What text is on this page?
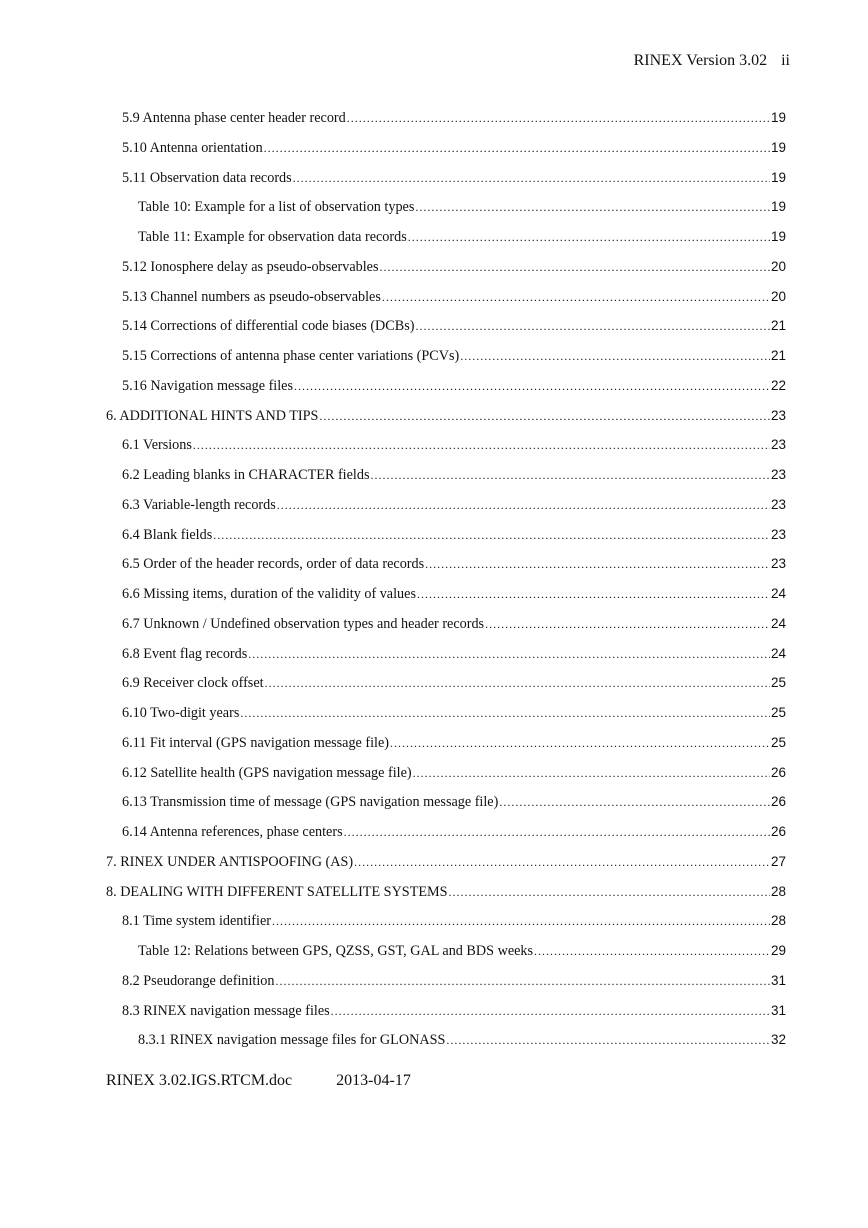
RINEX Version 3.02 ii
5.9 Antenna phase center header record .....	19
5.10 Antenna orientation .....	19
5.11 Observation data records .....	19
Table 10: Example for a list of observation types .....	19
Table 11: Example for observation data records .....	19
5.12 Ionosphere delay as pseudo-observables .....	20
5.13 Channel numbers as pseudo-observables .....	20
5.14 Corrections of differential code biases (DCBs) .....	21
5.15 Corrections of antenna phase center variations (PCVs) .....	21
5.16 Navigation message files .....	22
6. ADDITIONAL HINTS AND TIPS .....	23
6.1 Versions .....	23
6.2 Leading blanks in CHARACTER fields .....	23
6.3 Variable-length records .....	23
6.4 Blank fields .....	23
6.5 Order of the header records, order of data records .....	23
6.6 Missing items, duration of the validity of values .....	24
6.7 Unknown / Undefined observation types and header records .....	24
6.8 Event flag records .....	24
6.9 Receiver clock offset .....	25
6.10 Two-digit years .....	25
6.11 Fit interval (GPS navigation message file) .....	25
6.12 Satellite health (GPS navigation message file) .....	26
6.13 Transmission time of message (GPS navigation message file) .....	26
6.14 Antenna references, phase centers .....	26
7. RINEX UNDER ANTISPOOFING (AS) .....	27
8. DEALING WITH DIFFERENT SATELLITE SYSTEMS .....	28
8.1 Time system identifier .....	28
Table 12: Relations between GPS, QZSS, GST, GAL and BDS weeks .....	29
8.2 Pseudorange definition .....	31
8.3 RINEX navigation message files .....	31
8.3.1 RINEX navigation message files for GLONASS .....	32
RINEX 3.02.IGS.RTCM.doc	2013-04-17
